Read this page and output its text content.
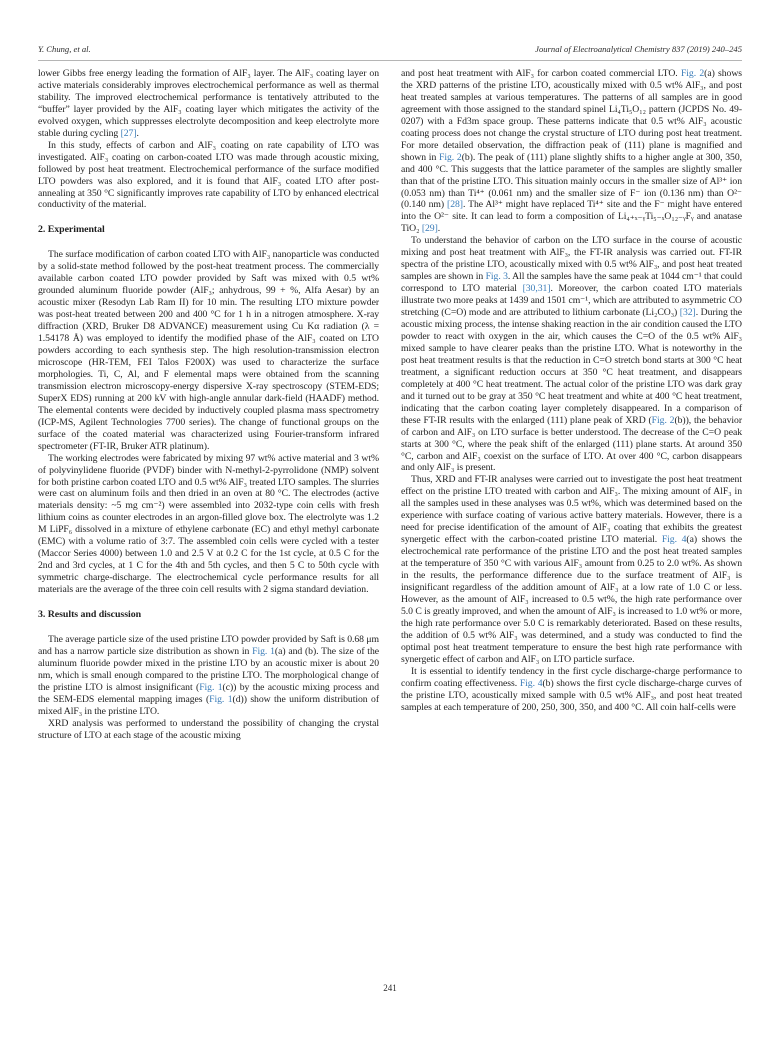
Y. Chung, et al.	Journal of Electroanalytical Chemistry 837 (2019) 240–245

lower Gibbs free energy leading the formation of AlF₃ layer. The AlF₃ coating layer on active materials considerably improves electrochemical performance as well as thermal stability. The improved electrochemical performance is tentatively attributed to the “buffer” layer provided by the AlF₃ coating layer which mitigates the activity of the evolved oxygen, which suppresses electrolyte decomposition and keep electrolyte more stable during cycling [27].

In this study, effects of carbon and AlF₃ coating on rate capability of LTO was investigated. AlF₃ coating on carbon-coated LTO was made through acoustic mixing, followed by post heat treatment. Electrochemical performance of the surface modified LTO powders was also explored, and it is found that AlF₃ coated LTO after post-annealing at 350 °C significantly improves rate capability of LTO by enhanced electrical conductivity of the material.

2. Experimental

The surface modification of carbon coated LTO with AlF₃ nanoparticle was conducted by a solid-state method followed by the post-heat treatment process. The commercially available carbon coated LTO powder provided by Saft was mixed with 0.5 wt% grounded aluminum fluoride powder (AlF₃; anhydrous, 99 + %, Alfa Aesar) by an acoustic mixer (Resodyn Lab Ram II) for 10 min. The resulting LTO mixture powder was post-heat treated between 200 and 400 °C for 1 h in a nitrogen atmosphere. X-ray diffraction (XRD, Bruker D8 ADVANCE) measurement using Cu Kα radiation (λ = 1.54178 Å) was employed to identify the modified phase of the AlF₃ coated on LTO powders according to each synthesis step. The high resolution-transmission electron microscope (HR-TEM, FEI Talos F200X) was used to characterize the surface morphologies. Ti, C, Al, and F elemental maps were obtained from the scanning transmission electron microscopy-energy dispersive X-ray spectroscopy (STEM-EDS; SuperX EDS) running at 200 kV with high-angle annular dark-field (HAADF) method. The elemental contents were decided by inductively coupled plasma mass spectrometry (ICP-MS, Agilent Technologies 7700 series). The change of functional groups on the surface of the coated material was characterized using Fourier-transform infrared spectrometer (FT-IR, Bruker ATR platinum).

The working electrodes were fabricated by mixing 97 wt% active material and 3 wt% of polyvinylidene fluoride (PVDF) binder with N-methyl-2-pyrrolidone (NMP) solvent for both pristine carbon coated LTO and 0.5 wt% AlF₃ treated LTO samples. The slurries were cast on aluminum foils and then dried in an oven at 80 °C. The electrodes (active materials density: ~5 mg cm⁻²) were assembled into 2032-type coin cells with fresh lithium coins as counter electrodes in an argon-filled glove box. The electrolyte was 1.2 M LiPF₆ dissolved in a mixture of ethylene carbonate (EC) and ethyl methyl carbonate (EMC) with a volume ratio of 3:7. The assembled coin cells were cycled with a tester (Maccor Series 4000) between 1.0 and 2.5 V at 0.2 C for the 1st cycle, at 0.5 C for the 2nd and 3rd cycles, at 1 C for the 4th and 5th cycles, and then 5 C to 50th cycle with symmetric charge-discharge. The electrochemical cycle performance results for all materials are the average of the three coin cell results with 2 sigma standard deviation.

3. Results and discussion

The average particle size of the used pristine LTO powder provided by Saft is 0.68 μm and has a narrow particle size distribution as shown in Fig. 1(a) and (b). The size of the aluminum fluoride powder mixed in the pristine LTO by an acoustic mixer is about 20 nm, which is small enough compared to the pristine LTO. The morphological change of the pristine LTO is almost insignificant (Fig. 1(c)) by the acoustic mixing process and the SEM-EDS elemental mapping images (Fig. 1(d)) show the uniform distribution of mixed AlF₃ in the pristine LTO.

XRD analysis was performed to understand the possibility of changing the crystal structure of LTO at each stage of the acoustic mixing

and post heat treatment with AlF₃ for carbon coated commercial LTO. Fig. 2(a) shows the XRD patterns of the pristine LTO, acoustically mixed with 0.5 wt% AlF₃, and post heat treated samples at various temperatures. The patterns of all samples are in good agreement with those assigned to the standard spinel Li₄Ti₅O₁₂ pattern (JCPDS No. 49-0207) with a Fd3m space group. These patterns indicate that 0.5 wt% AlF₃ acoustic coating process does not change the crystal structure of LTO during post heat treatment. For more detailed observation, the diffraction peak of (111) plane is magnified and shown in Fig. 2(b). The peak of (111) plane slightly shifts to a higher angle at 300, 350, and 400 °C. This suggests that the lattice parameter of the samples are slightly smaller than that of the pristine LTO. This situation mainly occurs in the smaller size of Al³⁺ ion (0.053 nm) than Ti⁴⁺ (0.061 nm) and the smaller size of F⁻ ion (0.136 nm) than O²⁻ (0.140 nm) [28]. The Al³⁺ might have replaced Ti⁴⁺ site and the F⁻ might have entered into the O²⁻ site. It can lead to form a composition of Li₄₊ₓ₋ᵧTi₅₋ₓO₁₂₋ᵧFᵧ and anatase TiO₂ [29].

To understand the behavior of carbon on the LTO surface in the course of acoustic mixing and post heat treatment with AlF₃, the FT-IR analysis was carried out. FT-IR spectra of the pristine LTO, acoustically mixed with 0.5 wt% AlF₃, and post heat treated samples are shown in Fig. 3. All the samples have the same peak at 1044 cm⁻¹ that could correspond to LTO material [30,31]. Moreover, the carbon coated LTO materials illustrate two more peaks at 1439 and 1501 cm⁻¹, which are attributed to asymmetric CO stretching (C=O) mode and are attributed to lithium carbonate (Li₂CO₃) [32]. During the acoustic mixing process, the intense shaking reaction in the air condition caused the LTO powder to react with oxygen in the air, which causes the C=O of the 0.5 wt% AlF₃ mixed sample to have clearer peaks than the pristine LTO. What is noteworthy in the post heat treatment results is that the reduction in C=O stretch bond starts at 300 °C heat treatment, a significant reduction occurs at 350 °C heat treatment, and disappears completely at 400 °C heat treatment. The actual color of the pristine LTO was dark gray and it turned out to be gray at 350 °C heat treatment and white at 400 °C heat treatment, indicating that the carbon coating layer completely disappeared. In a comparison of these FT-IR results with the enlarged (111) plane peak of XRD (Fig. 2(b)), the behavior of carbon and AlF₃ on LTO surface is better understood. The decrease of the C=O peak starts at 300 °C, where the peak shift of the enlarged (111) plane starts. At around 350 °C, carbon and AlF₃ coexist on the surface of LTO. At over 400 °C, carbon disappears and only AlF₃ is present.

Thus, XRD and FT-IR analyses were carried out to investigate the post heat treatment effect on the pristine LTO treated with carbon and AlF₃. The mixing amount of AlF₃ in all the samples used in these analyses was 0.5 wt%, which was determined based on the experience with surface coating of various active battery materials. However, there is a need for precise identification of the amount of AlF₃ coating that exhibits the greatest synergetic effect with the carbon-coated pristine LTO material. Fig. 4(a) shows the electrochemical rate performance of the pristine LTO and the post heat treated samples at the temperature of 350 °C with various AlF₃ amount from 0.25 to 2.0 wt%. As shown in the results, the performance difference due to the surface treatment of AlF₃ is insignificant regardless of the addition amount of AlF₃ at a low rate of 1.0 C or less. However, as the amount of AlF₃ increased to 0.5 wt%, the high rate performance over 5.0 C is greatly improved, and when the amount of AlF₃ is increased to 1.0 wt% or more, the high rate performance over 5.0 C is remarkably deteriorated. Based on these results, the addition of 0.5 wt% AlF₃ was determined, and a study was conducted to find the optimal post heat treatment temperature to ensure the best high rate performance with synergetic effect of carbon and AlF₃ on LTO particle surface.

It is essential to identify tendency in the first cycle discharge-charge performance to confirm coating effectiveness. Fig. 4(b) shows the first cycle discharge-charge curves of the pristine LTO, acoustically mixed sample with 0.5 wt% AlF₃, and post heat treated samples at each temperature of 200, 250, 300, 350, and 400 °C. All coin half-cells were

241
